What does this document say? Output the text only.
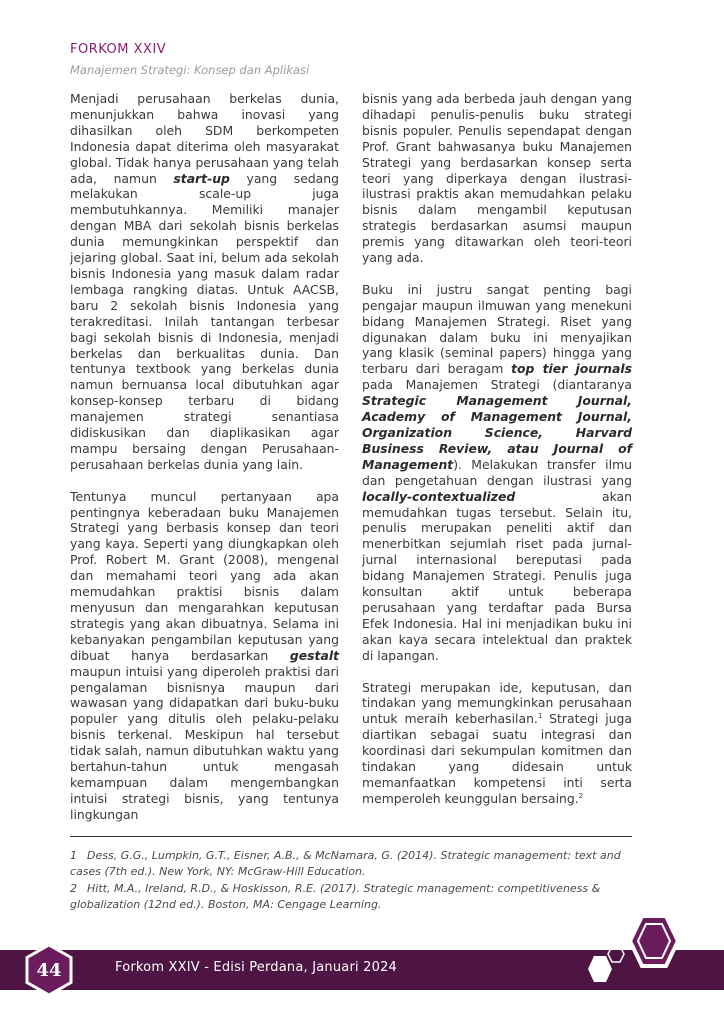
FORKOM XXIV
Manajemen Strategi: Konsep dan Aplikasi

Menjadi perusahaan berkelas dunia, menunjukkan bahwa inovasi yang dihasilkan oleh SDM berkompeten Indonesia dapat diterima oleh masyarakat global. Tidak hanya perusahaan yang telah ada, namun start-up yang sedang melakukan scale-up juga membutuhkannya. Memiliki manajer dengan MBA dari sekolah bisnis berkelas dunia memungkinkan perspektif dan jejaring global. Saat ini, belum ada sekolah bisnis Indonesia yang masuk dalam radar lembaga rangking diatas. Untuk AACSB, baru 2 sekolah bisnis Indonesia yang terakreditasi. Inilah tantangan terbesar bagi sekolah bisnis di Indonesia, menjadi berkelas dan berkualitas dunia. Dan tentunya textbook yang berkelas dunia namun bernuansa local dibutuhkan agar konsep-konsep terbaru di bidang manajemen strategi senantiasa didiskusikan dan diaplikasikan agar mampu bersaing dengan Perusahaan-perusahaan berkelas dunia yang lain.

Tentunya muncul pertanyaan apa pentingnya keberadaan buku Manajemen Strategi yang berbasis konsep dan teori yang kaya. Seperti yang diungkapkan oleh Prof. Robert M. Grant (2008), mengenal dan memahami teori yang ada akan memudahkan praktisi bisnis dalam menyusun dan mengarahkan keputusan strategis yang akan dibuatnya. Selama ini kebanyakan pengambilan keputusan yang dibuat hanya berdasarkan gestalt maupun intuisi yang diperoleh praktisi dari pengalaman bisnisnya maupun dari wawasan yang didapatkan dari buku-buku populer yang ditulis oleh pelaku-pelaku bisnis terkenal. Meskipun hal tersebut tidak salah, namun dibutuhkan waktu yang bertahun-tahun untuk mengasah kemampuan dalam mengembangkan intuisi strategi bisnis, yang tentunya lingkungan

bisnis yang ada berbeda jauh dengan yang dihadapi penulis-penulis buku strategi bisnis populer. Penulis sependapat dengan Prof. Grant bahwasanya buku Manajemen Strategi yang berdasarkan konsep serta teori yang diperkaya dengan ilustrasi-ilustrasi praktis akan memudahkan pelaku bisnis dalam mengambil keputusan strategis berdasarkan asumsi maupun premis yang ditawarkan oleh teori-teori yang ada.

Buku ini justru sangat penting bagi pengajar maupun ilmuwan yang menekuni bidang Manajemen Strategi. Riset yang digunakan dalam buku ini menyajikan yang klasik (seminal papers) hingga yang terbaru dari beragam top tier journals pada Manajemen Strategi (diantaranya Strategic Management Journal, Academy of Management Journal, Organization Science, Harvard Business Review, atau Journal of Management). Melakukan transfer ilmu dan pengetahuan dengan ilustrasi yang locally-contextualized akan memudahkan tugas tersebut. Selain itu, penulis merupakan peneliti aktif dan menerbitkan sejumlah riset pada jurnal-jurnal internasional bereputasi pada bidang Manajemen Strategi. Penulis juga konsultan aktif untuk beberapa perusahaan yang terdaftar pada Bursa Efek Indonesia. Hal ini menjadikan buku ini akan kaya secara intelektual dan praktek di lapangan.

Strategi merupakan ide, keputusan, dan tindakan yang memungkinkan perusahaan untuk meraih keberhasilan.$^1$ Strategi juga diartikan sebagai suatu integrasi dan koordinasi dari sekumpulan komitmen dan tindakan yang didesain untuk memanfaatkan kompetensi inti serta memperoleh keunggulan bersaing.$^2$

1 Dess, G.G., Lumpkin, G.T., Eisner, A.B., & McNamara, G. (2014). Strategic management: text and cases (7th ed.). New York, NY: McGraw-Hill Education.
2 Hitt, M.A., Ireland, R.D., & Hoskisson, R.E. (2017). Strategic management: competitiveness & globalization (12nd ed.). Boston, MA: Cengage Learning.
44	Forkom XXIV - Edisi Perdana, Januari 2024
